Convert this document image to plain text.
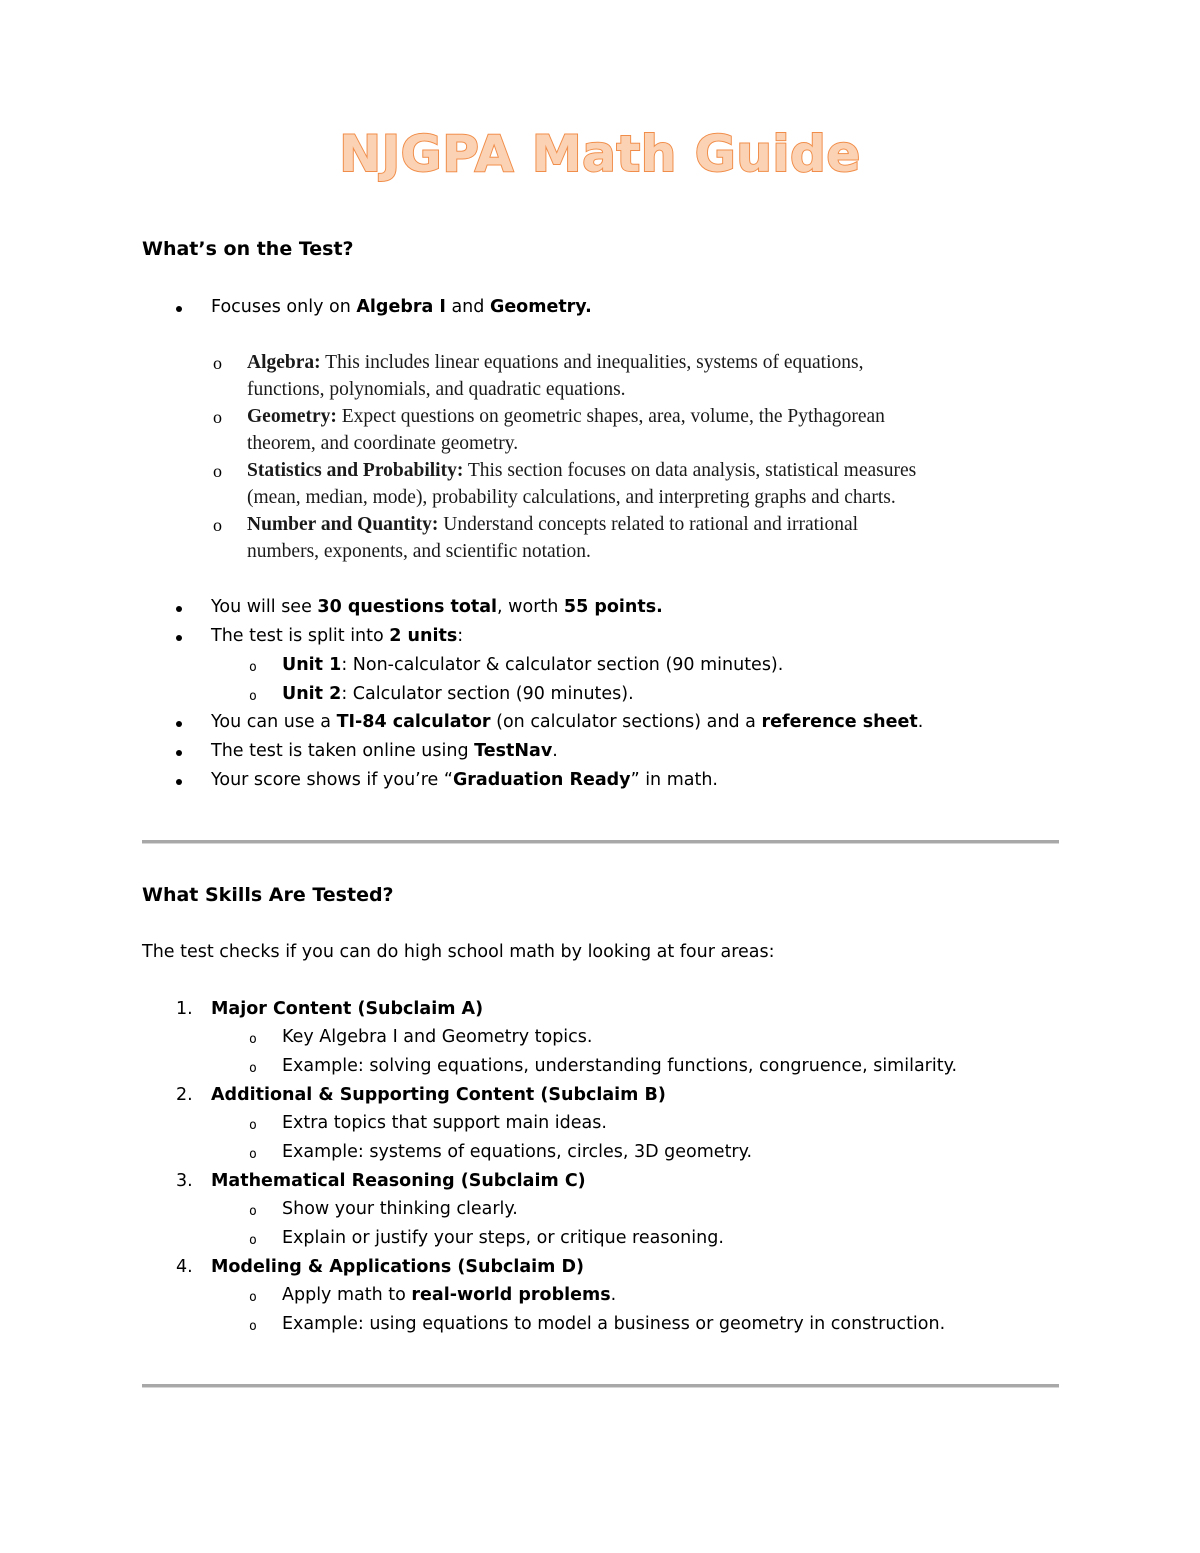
NJGPA Math Guide
What’s on the Test?
Focuses only on Algebra I and Geometry.
o Algebra: This includes linear equations and inequalities, systems of equations,
functions, polynomials, and quadratic equations.
o Geometry: Expect questions on geometric shapes, area, volume, the Pythagorean
theorem, and coordinate geometry.
o Statistics and Probability: This section focuses on data analysis, statistical measures
(mean, median, mode), probability calculations, and interpreting graphs and charts.
o Number and Quantity: Understand concepts related to rational and irrational
numbers, exponents, and scientific notation.
You will see 30 questions total, worth 55 points.
The test is split into 2 units:
o Unit 1: Non-calculator & calculator section (90 minutes).
o Unit 2: Calculator section (90 minutes).
You can use a TI-84 calculator (on calculator sections) and a reference sheet.
The test is taken online using TestNav.
Your score shows if you’re “Graduation Ready” in math.
What Skills Are Tested?
The test checks if you can do high school math by looking at four areas:
1. Major Content (Subclaim A)
o Key Algebra I and Geometry topics.
o Example: solving equations, understanding functions, congruence, similarity.
2. Additional & Supporting Content (Subclaim B)
o Extra topics that support main ideas.
o Example: systems of equations, circles, 3D geometry.
3. Mathematical Reasoning (Subclaim C)
o Show your thinking clearly.
o Explain or justify your steps, or critique reasoning.
4. Modeling & Applications (Subclaim D)
o Apply math to real-world problems.
o Example: using equations to model a business or geometry in construction.
